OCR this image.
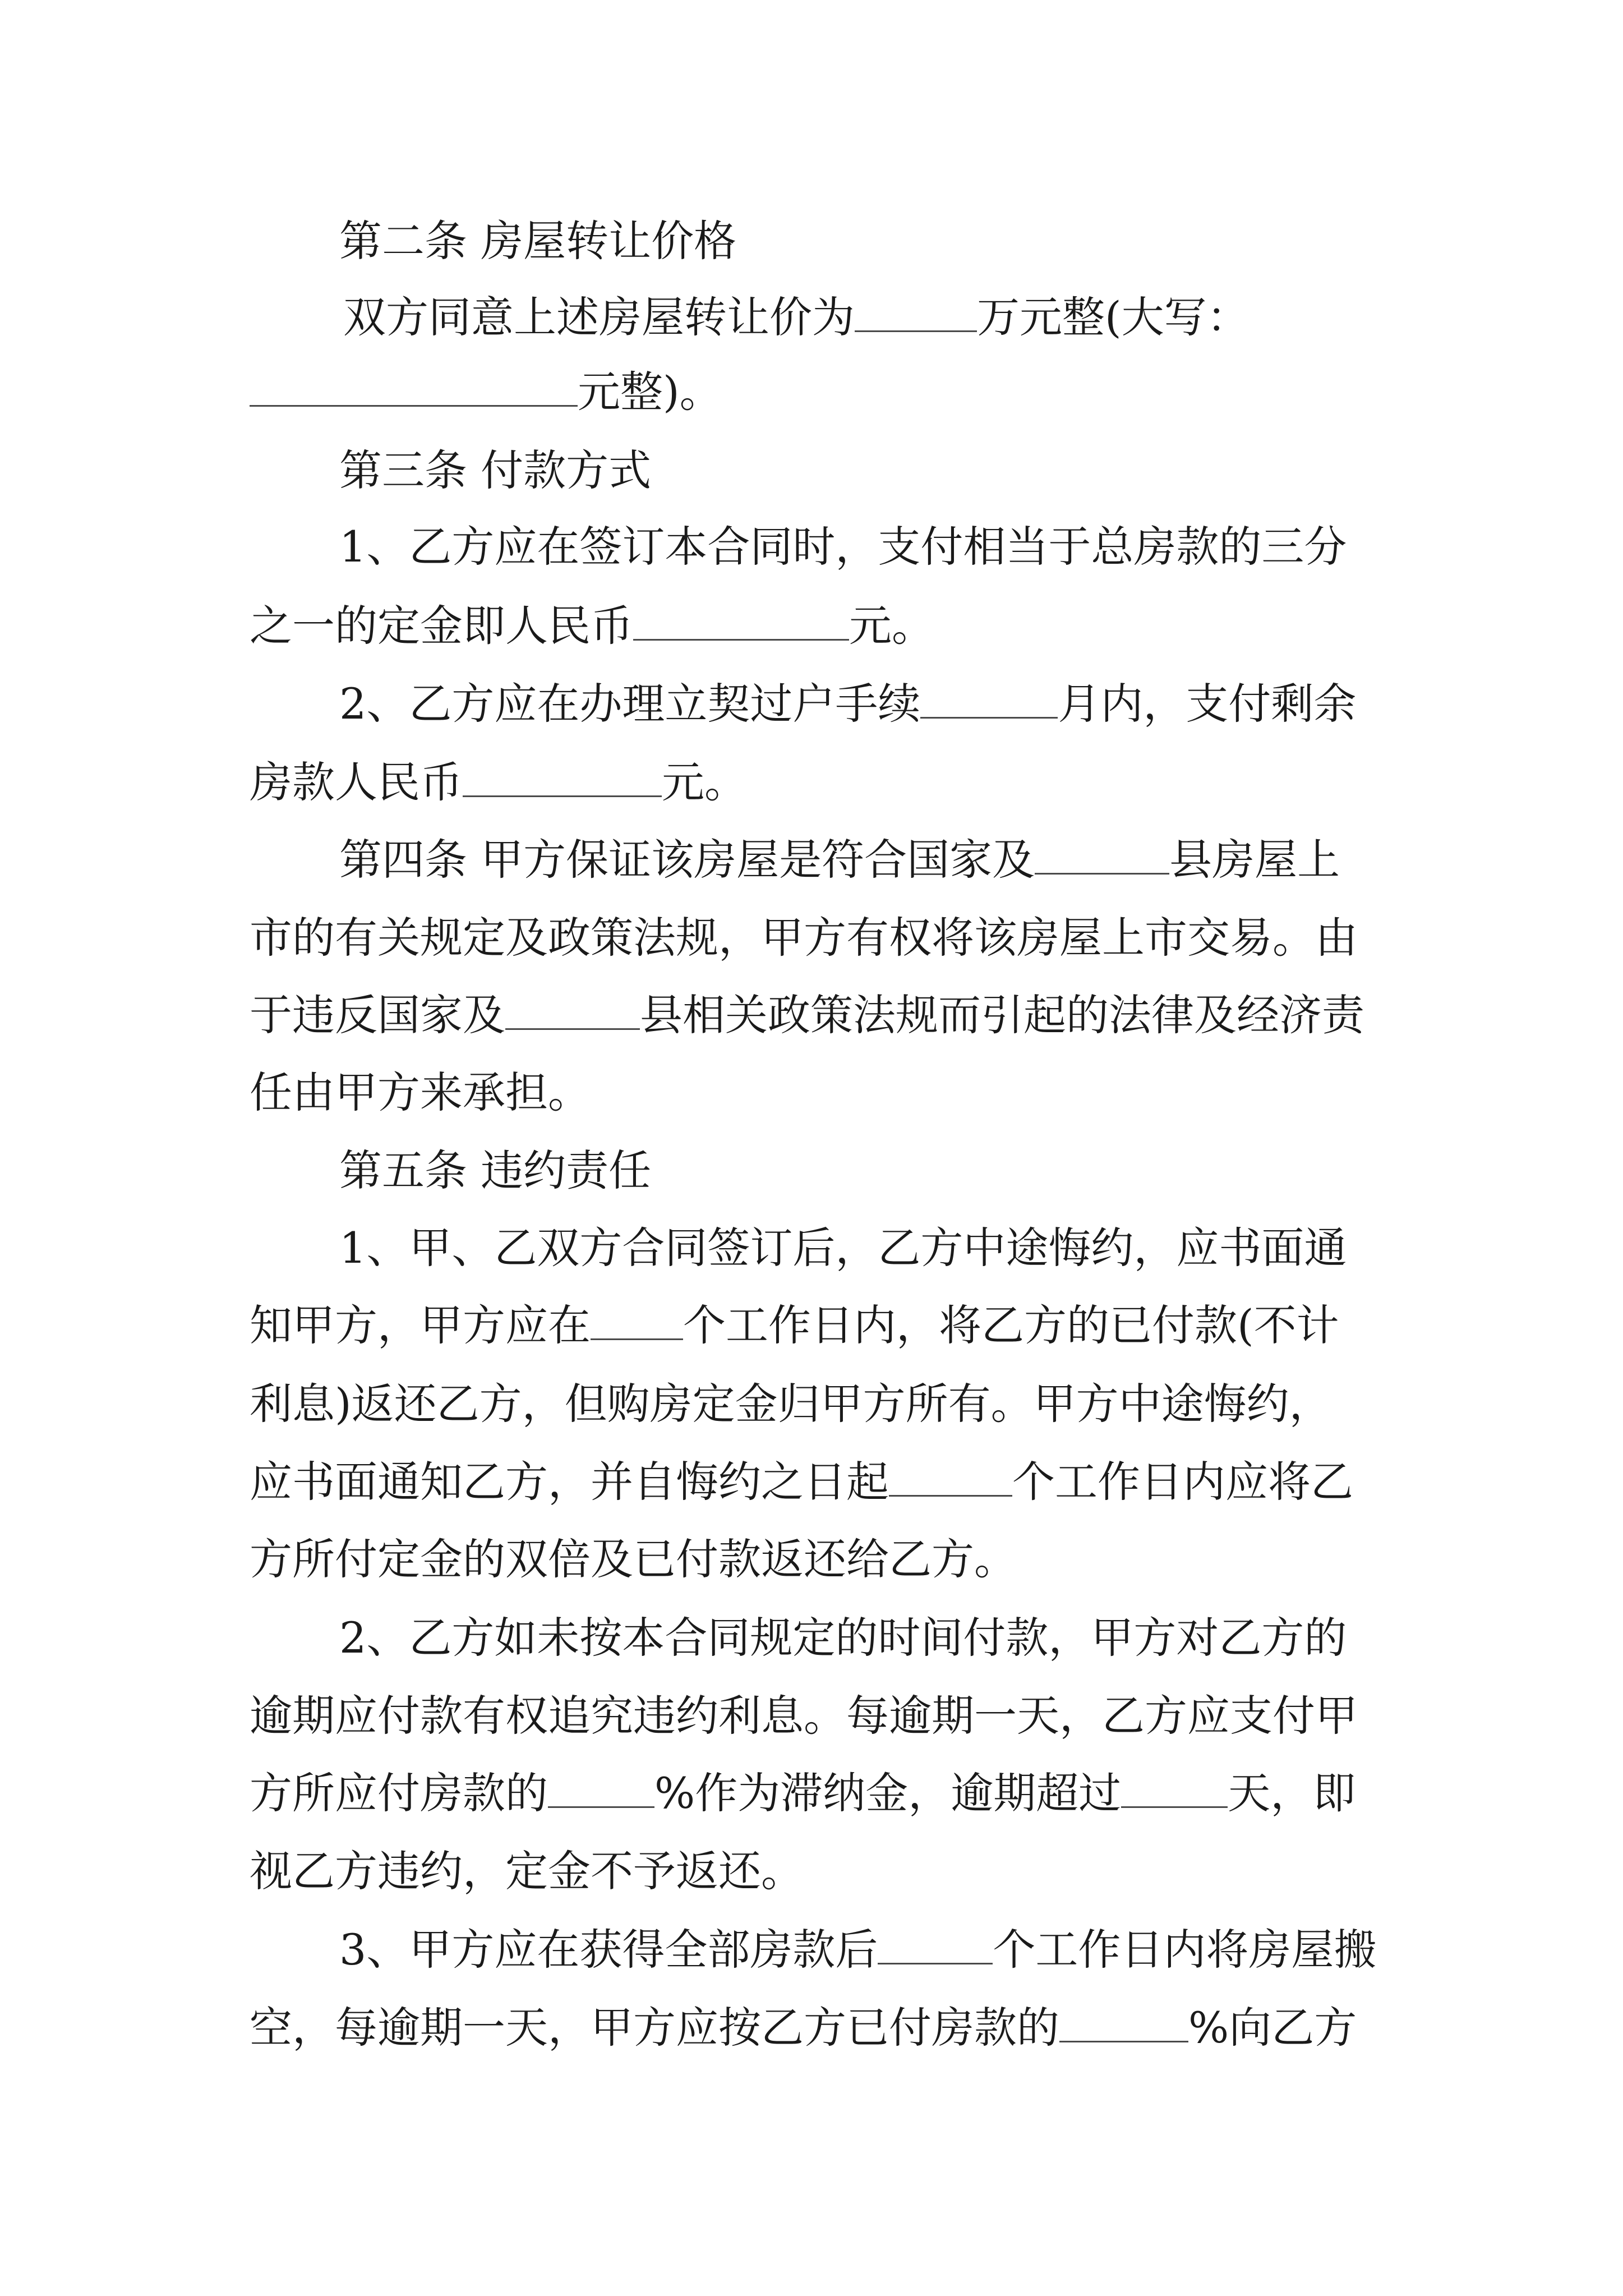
第二条 房屋转让价格
双方同意上述房屋转让价为	万元整(大写：
元整)。
第三条 付款方式
1、乙方应在签订本合同时，支付相当于总房款的三分
之一的定金即人民币	元。
2、乙方应在办理立契过户手续	月内，支付剩余
房款人民币	元。
第四条 甲方保证该房屋是符合国家及	县房屋上
市的有关规定及政策法规，甲方有权将该房屋上市交易。由
于违反国家及	县相关政策法规而引起的法律及经济责
任由甲方来承担。
第五条 违约责任
1、甲、乙双方合同签订后，乙方中途悔约，应书面通
知甲方，甲方应在 个工作日内，将乙方的已付款(不计
利息)返还乙方，但购房定金归甲方所有。甲方中途悔约，
应书面通知乙方，并自悔约之日起	个工作日内应将乙
方所付定金的双倍及已付款返还给乙方。
2、乙方如未按本合同规定的时间付款，甲方对乙方的
逾期应付款有权追究违约利息。每逾期一天，乙方应支付甲
方所应付房款的	%作为滞纳金，逾期超过	天，即
视乙方违约，定金不予返还。
3、甲方应在获得全部房款后	个工作日内将房屋搬
空，每逾期一天，甲方应按乙方已付房款的	%向乙方
